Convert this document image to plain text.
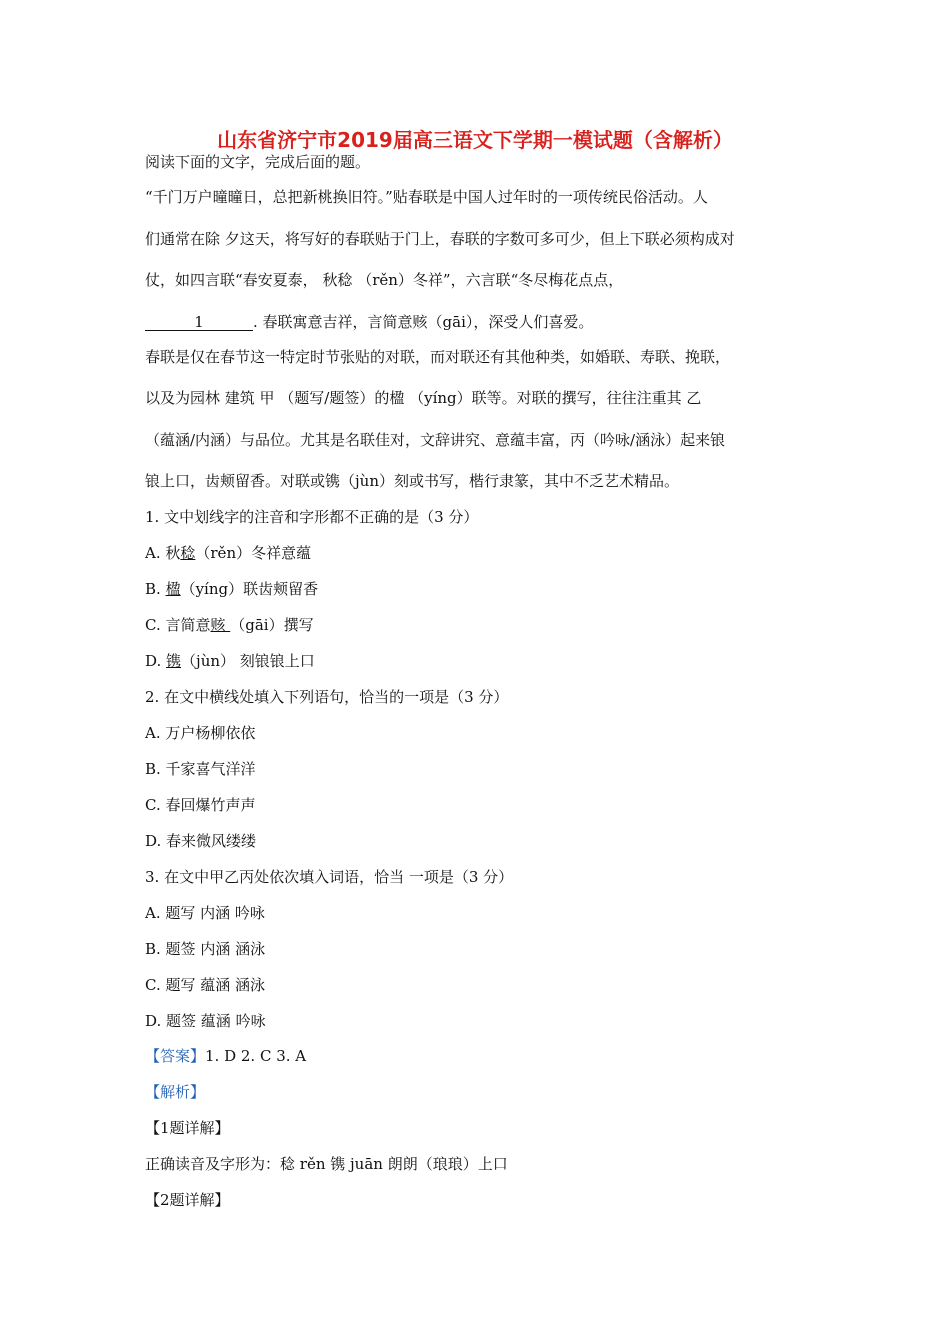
山东省济宁市2019届高三语文下学期一模试题（含解析）
阅读下面的文字，完成后面的题。
“千门万户曈曈日，总把新桃换旧符。”贴春联是中国人过年时的一项传统民俗活动。人
们通常在除 夕这天，将写好的春联贴于门上，春联的字数可多可少，但上下联必须构成对
仗，如四言联“春安夏泰， 秋稔 （rěn）冬祥”，六言联“冬尽梅花点点，
1	. 春联寓意吉祥，言简意赅（gāi），深受人们喜爱。
春联是仅在春节这一特定时节张贴的对联，而对联还有其他种类，如婚联、寿联、挽联，
以及为园林 建筑 甲 （题写/题签）的楹 （yíng）联等。对联的撰写，往往注重其 乙
（蕴涵/内涵）与品位。尤其是名联佳对，文辞讲究、意蕴丰富，丙（吟咏/涵泳）起来锒
锒上口，齿颊留香。对联或镌（jùn）刻或书写，楷行隶篆，其中不乏艺术精品。
1. 文中划线字的注音和字形都不正确的是（3 分）
A. 秋稔（rěn）冬祥意蕴
B. 楹（yíng）联齿颊留香
C. 言简意赅 （gāi）撰写
D. 镌（jùn） 刻锒锒上口
2. 在文中横线处填入下列语句，恰当的一项是（3 分）
A. 万户杨柳依依
B. 千家喜气洋洋
C. 春回爆竹声声
D. 春来微风缕缕
3. 在文中甲乙丙处依次填入词语，恰当 一项是（3 分）
A. 题写 内涵 吟咏
B. 题签 内涵 涵泳
C. 题写 蕴涵 涵泳
D. 题签 蕴涵 吟咏
【答案】1. D 2. C 3. A
【解析】
【1题详解】
正确读音及字形为：稔 rěn 镌 juān 朗朗（琅琅）上口
【2题详解】
